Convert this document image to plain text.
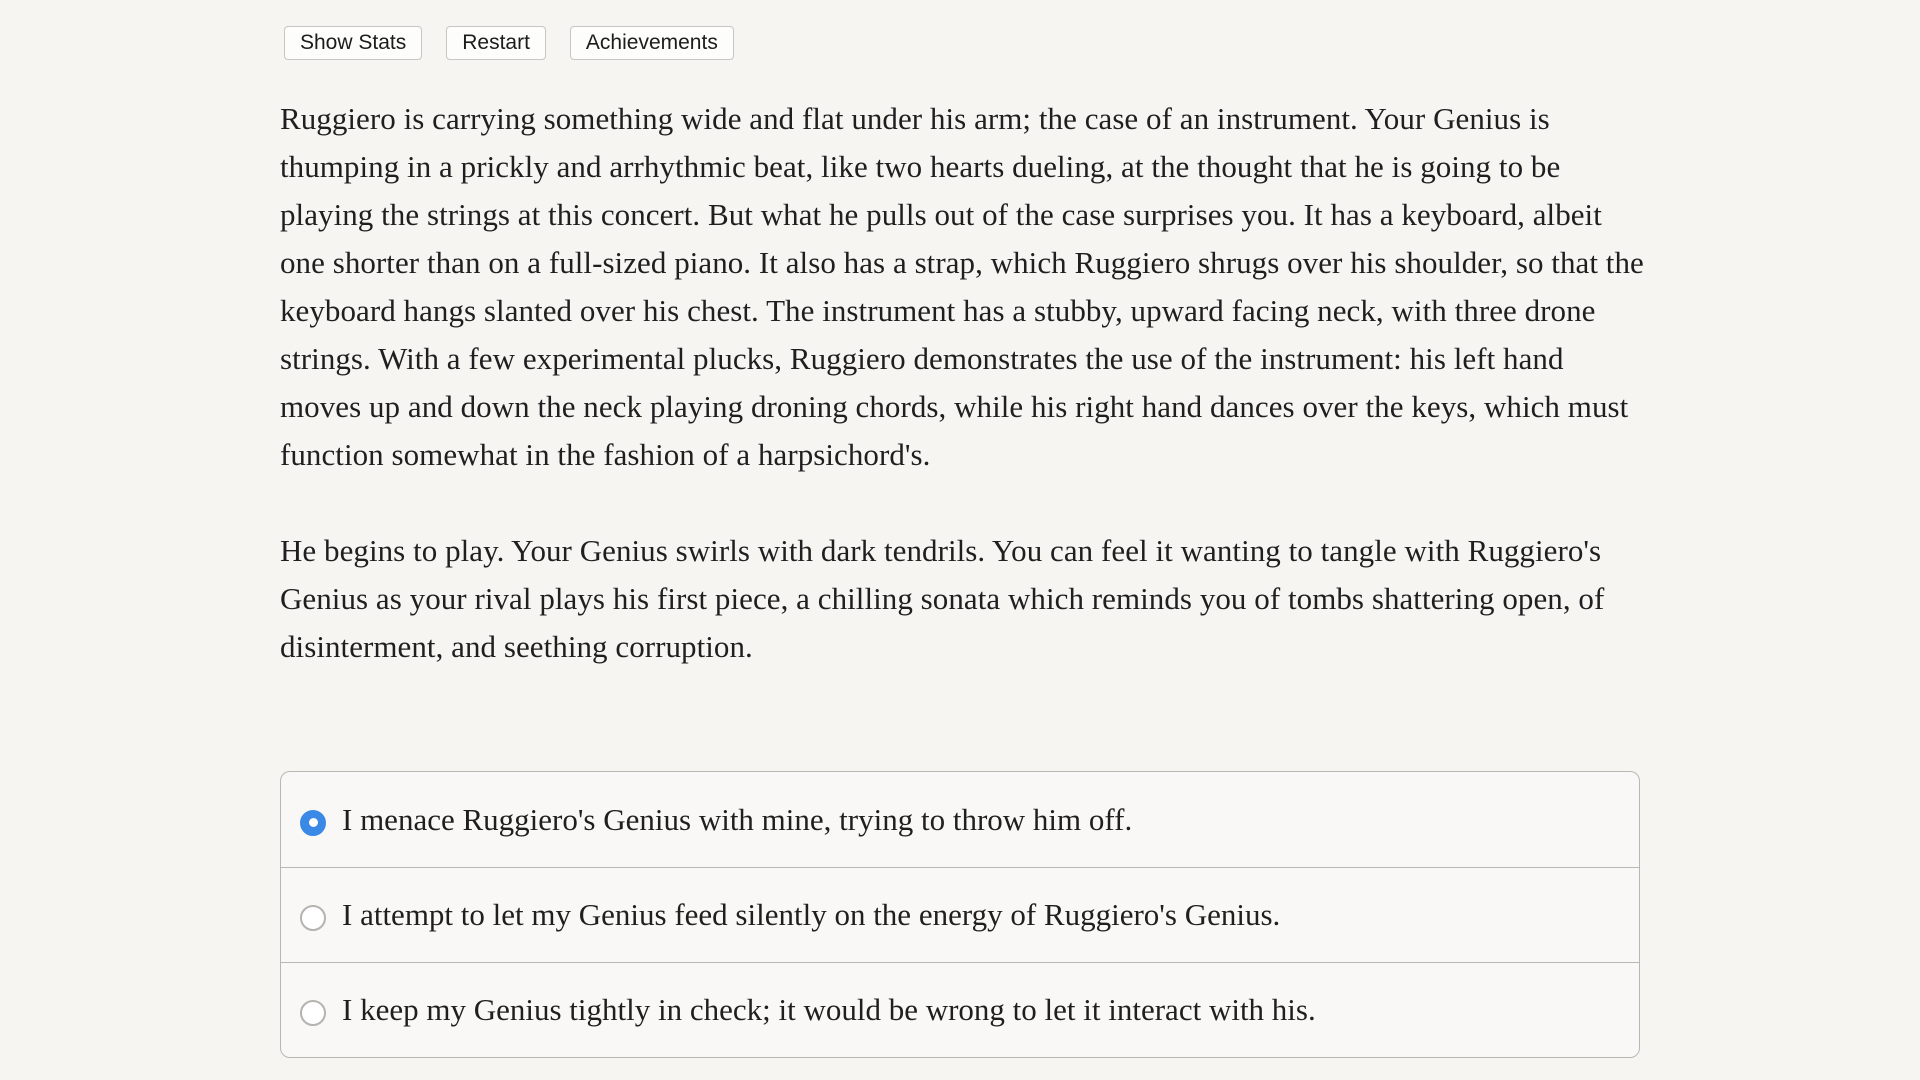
Show Stats	Restart	Achievements

Ruggiero is carrying something wide and flat under his arm; the case of an instrument. Your Genius is thumping in a prickly and arrhythmic beat, like two hearts dueling, at the thought that he is going to be playing the strings at this concert. But what he pulls out of the case surprises you. It has a keyboard, albeit one shorter than on a full-sized piano. It also has a strap, which Ruggiero shrugs over his shoulder, so that the keyboard hangs slanted over his chest. The instrument has a stubby, upward facing neck, with three drone strings. With a few experimental plucks, Ruggiero demonstrates the use of the instrument: his left hand moves up and down the neck playing droning chords, while his right hand dances over the keys, which must function somewhat in the fashion of a harpsichord's.

He begins to play. Your Genius swirls with dark tendrils. You can feel it wanting to tangle with Ruggiero's Genius as your rival plays his first piece, a chilling sonata which reminds you of tombs shattering open, of disinterment, and seething corruption.

I menace Ruggiero's Genius with mine, trying to throw him off.
I attempt to let my Genius feed silently on the energy of Ruggiero's Genius.
I keep my Genius tightly in check; it would be wrong to let it interact with his.
